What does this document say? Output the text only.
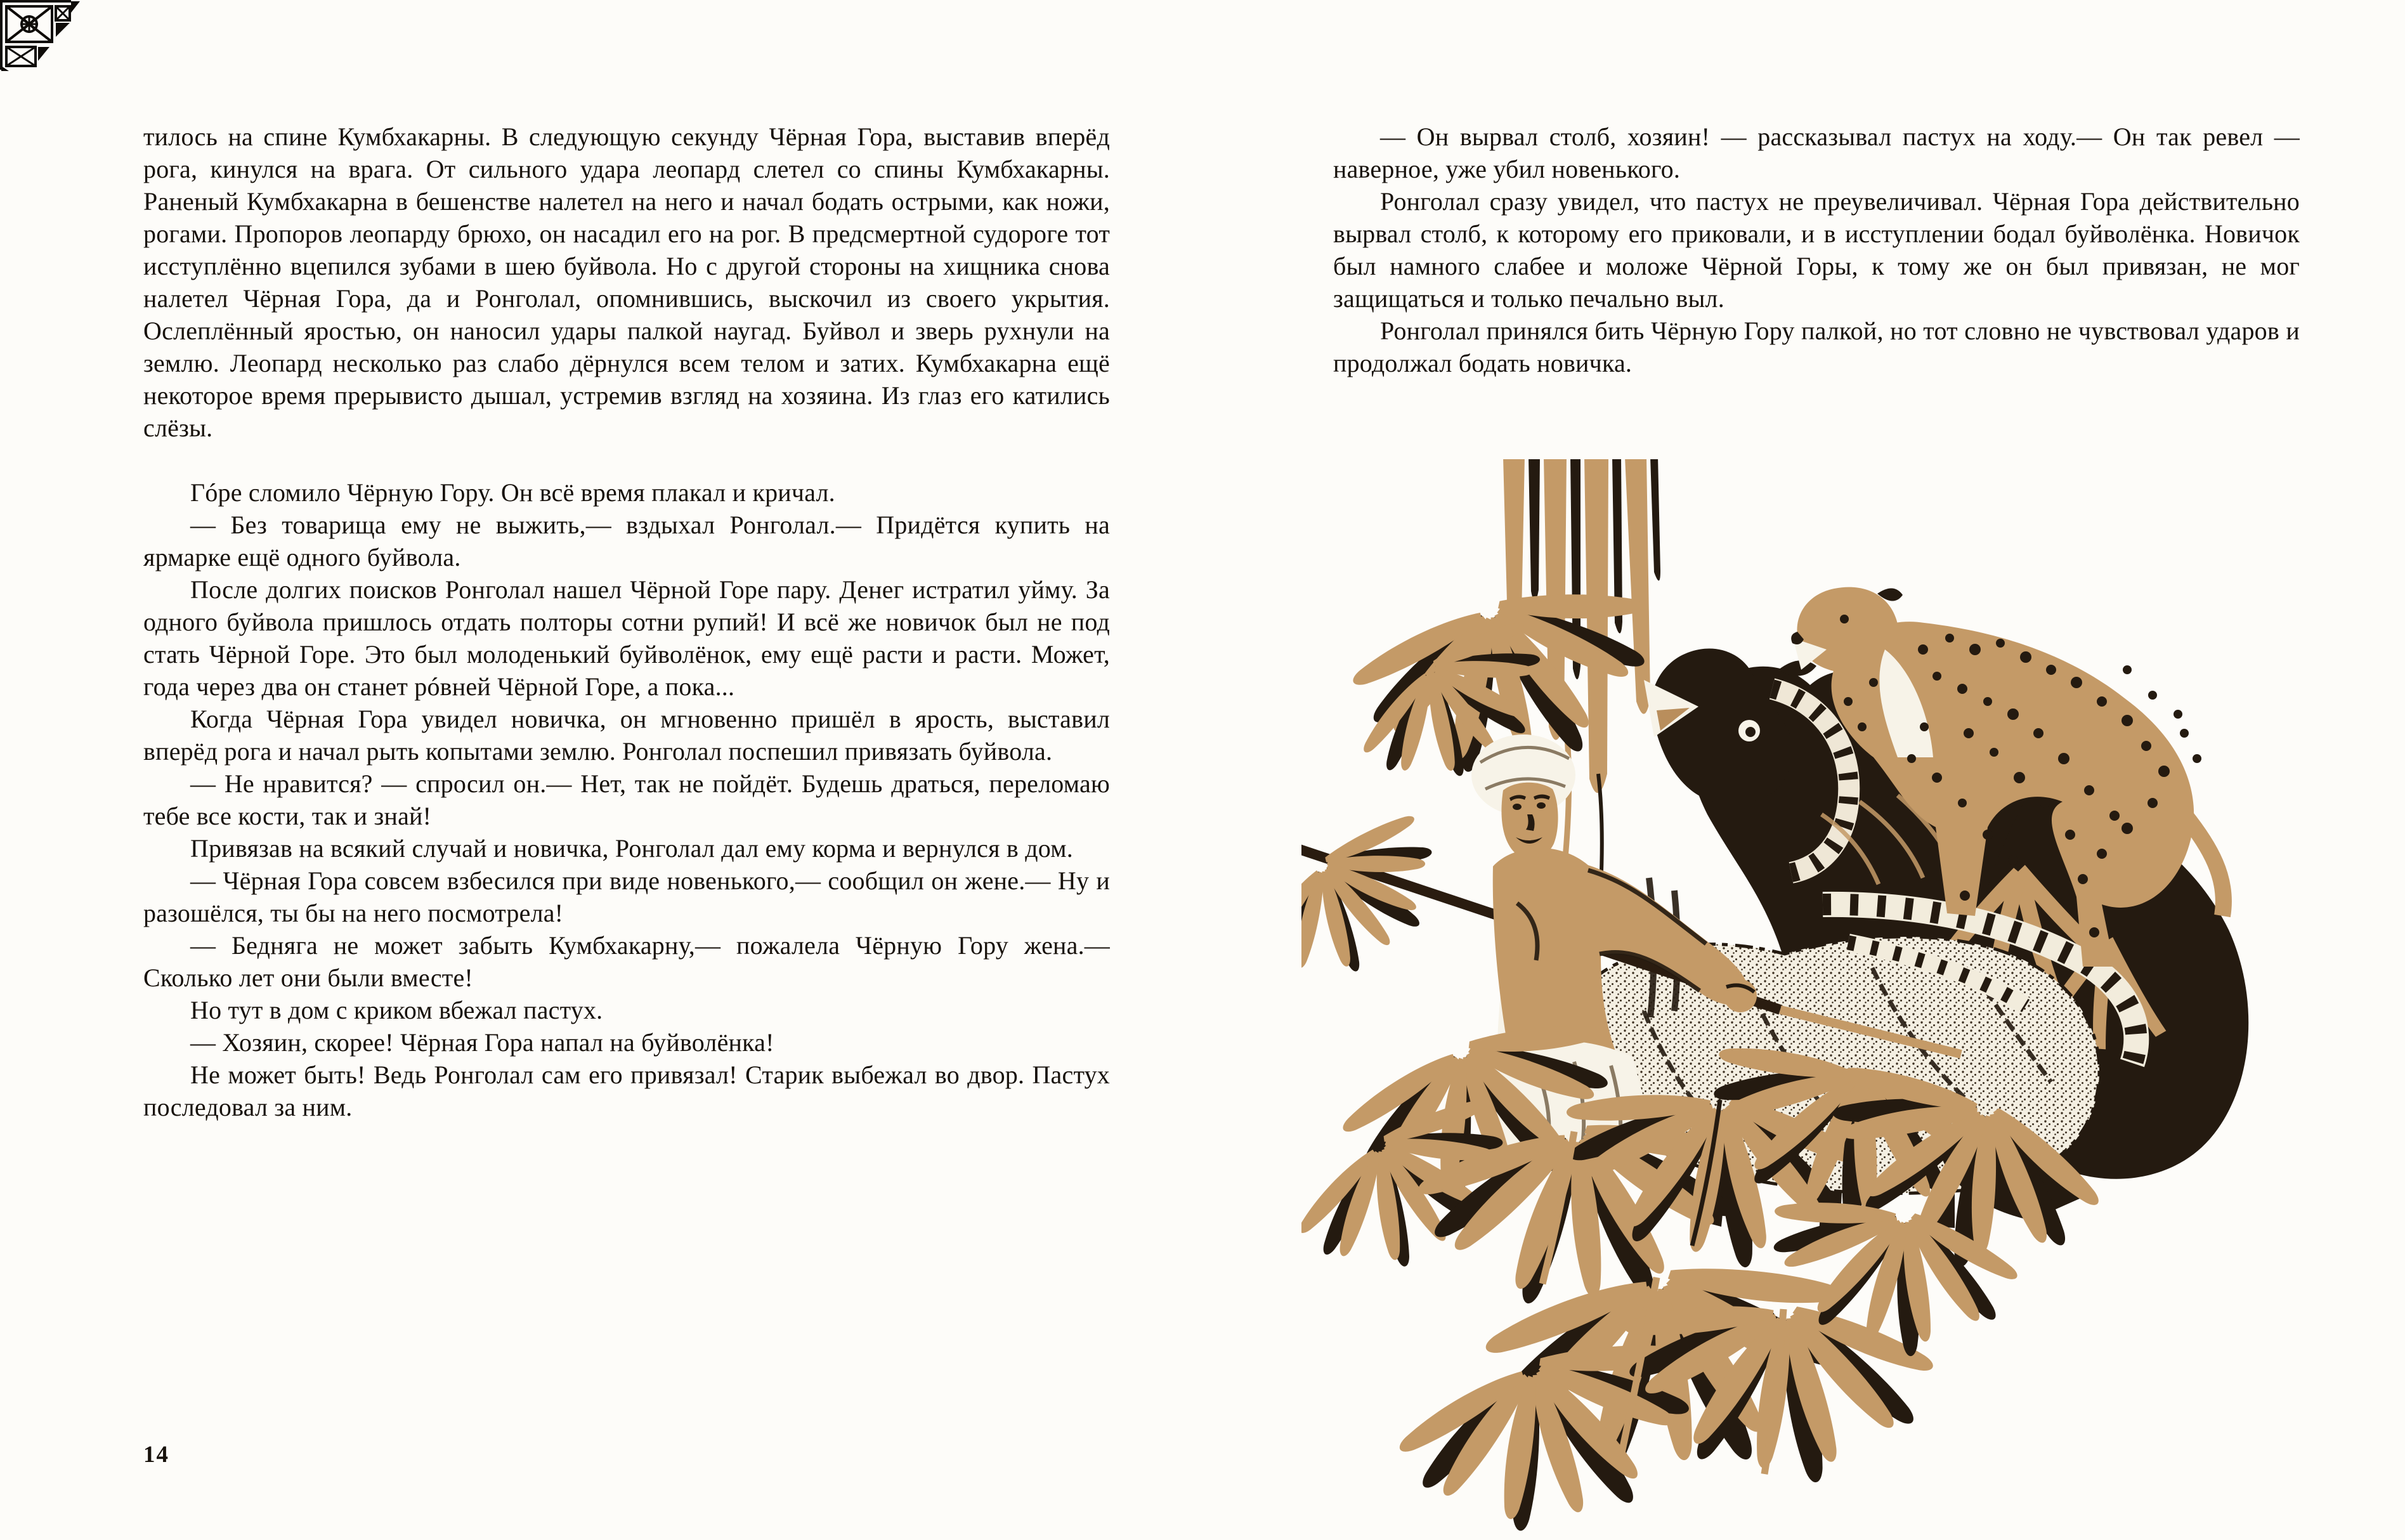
тилось на спине Кумбхакарны. В следующую секунду Чёрная Гора, выставив вперёд рога, кинулся на врага. От сильного удара леопард слетел со спины Кумбхакарны. Раненый Кумбхакарна в бешенстве налетел на него и начал бодать острыми, как ножи, рогами. Пропоров леопарду брюхо, он насадил его на рог. В предсмертной судороге тот исступлённо вцепился зубами в шею буйвола. Но с другой стороны на хищника снова налетел Чёрная Гора, да и Ронголал, опомнившись, выскочил из своего укрытия. Ослеплённый яростью, он наносил удары палкой наугад. Буйвол и зверь рухнули на землю. Леопард несколько раз слабо дёрнулся всем телом и затих. Кумбхакарна ещё некоторое время прерывисто дышал, устремив взгляд на хозяина. Из глаз его катились слёзы.

Гóре сломило Чёрную Гору. Он всё время плакал и кричал.

— Без товарища ему не выжить,— вздыхал Ронголал.— Придётся купить на ярмарке ещё одного буйвола.

После долгих поисков Ронголал нашел Чёрной Горе пару. Денег истратил уйму. За одного буйвола пришлось отдать полторы сотни рупий! И всё же новичок был не под стать Чёрной Горе. Это был молоденький буйволёнок, ему ещё расти и расти. Может, года через два он станет рóвней Чёрной Горе, а пока...

Когда Чёрная Гора увидел новичка, он мгновенно пришёл в ярость, выставил вперёд рога и начал рыть копытами землю. Ронголал поспешил привязать буйвола.

— Не нравится? — спросил он.— Нет, так не пойдёт. Будешь драться, переломаю тебе все кости, так и знай!

Привязав на всякий случай и новичка, Ронголал дал ему корма и вернулся в дом.

— Чёрная Гора совсем взбесился при виде новенького,— сообщил он жене.— Ну и разошёлся, ты бы на него посмотрела!

— Бедняга не может забыть Кумбхакарну,— пожалела Чёрную Гору жена.— Сколько лет они были вместе!

Но тут в дом с криком вбежал пастух.

— Хозяин, скорее! Чёрная Гора напал на буйволёнка!

Не может быть! Ведь Ронголал сам его привязал! Старик выбежал во двор. Пастух последовал за ним.

14

— Он вырвал столб, хозяин! — рассказывал пастух на ходу.— Он так ревел — наверное, уже убил новенького.

Ронголал сразу увидел, что пастух не преувеличивал. Чёрная Гора действительно вырвал столб, к которому его приковали, и в исступлении бодал буйволёнка. Новичок был намного слабее и моложе Чёрной Горы, к тому же он был привязан, не мог защищаться и только печально выл.

Ронголал принялся бить Чёрную Гору палкой, но тот словно не чувствовал ударов и продолжал бодать новичка.
